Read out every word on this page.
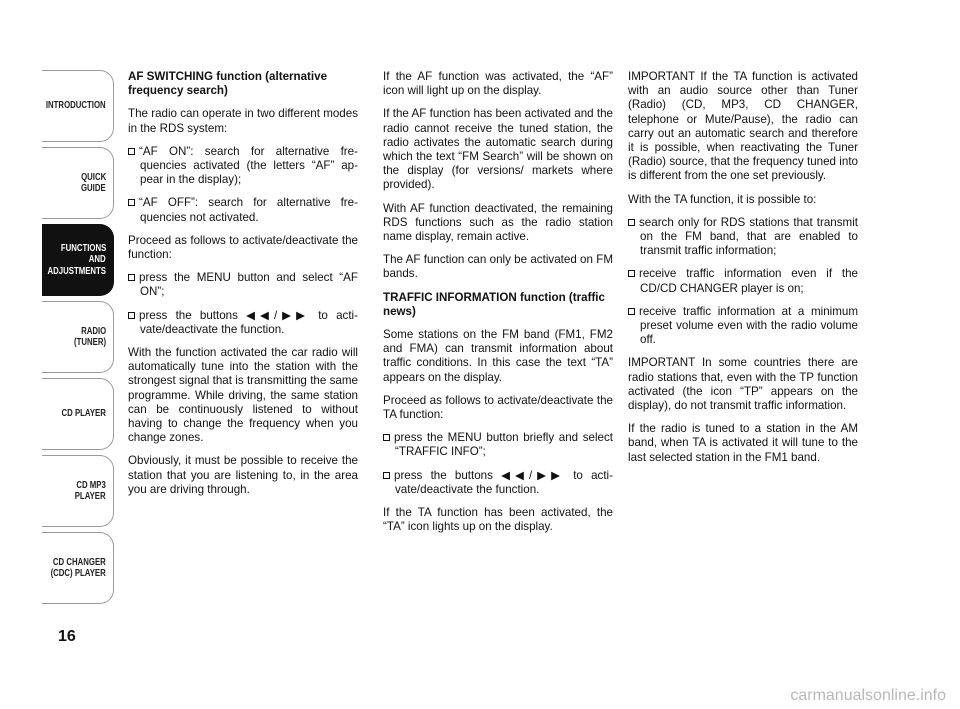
INTRODUCTION
QUICK
GUIDE
FUNCTIONS
AND
ADJUSTMENTS
RADIO
(TUNER)
CD PLAYER
CD MP3
PLAYER
CD CHANGER
(CDC) PLAYER
16

AF SWITCHING function (alternative frequency search)

The radio can operate in two different modes in the RDS system:

“AF ON”: search for alternative frequencies activated (the letters “AF” appear in the display);

“AF OFF”: search for alternative frequencies not activated.

Proceed as follows to activate/deactivate the function:

press the MENU button and select “AF ON”;

press the buttons ◀◀/▶▶ to activate/deactivate the function.

With the function activated the car radio will automatically tune into the station with the strongest signal that is transmitting the same programme. While driving, the same station can be continuously listened to without having to change the frequency when you change zones.

Obviously, it must be possible to receive the station that you are listening to, in the area you are driving through.

If the AF function was activated, the “AF” icon will light up on the display.

If the AF function has been activated and the radio cannot receive the tuned station, the radio activates the automatic search during which the text “FM Search” will be shown on the display (for versions/ markets where provided).

With AF function deactivated, the remaining RDS functions such as the radio station name display, remain active.

The AF function can only be activated on FM bands.

TRAFFIC INFORMATION function (traffic news)

Some stations on the FM band (FM1, FM2 and FMA) can transmit information about traffic conditions. In this case the text “TA” appears on the display.

Proceed as follows to activate/deactivate the TA function:

press the MENU button briefly and select “TRAFFIC INFO”;

press the buttons ◀◀/▶▶ to activate/deactivate the function.

If the TA function has been activated, the “TA” icon lights up on the display.

IMPORTANT If the TA function is activated with an audio source other than Tuner (Radio) (CD, MP3, CD CHANGER, telephone or Mute/Pause), the radio can carry out an automatic search and therefore it is possible, when reactivating the Tuner (Radio) source, that the frequency tuned into is different from the one set previously.

With the TA function, it is possible to:

search only for RDS stations that transmit on the FM band, that are enabled to transmit traffic information;

receive traffic information even if the CD/CD CHANGER player is on;

receive traffic information at a minimum preset volume even with the radio volume off.

IMPORTANT In some countries there are radio stations that, even with the TP function activated (the icon “TP” appears on the display), do not transmit traffic information.

If the radio is tuned to a station in the AM band, when TA is activated it will tune to the last selected station in the FM1 band.

carmanualsonline.info
